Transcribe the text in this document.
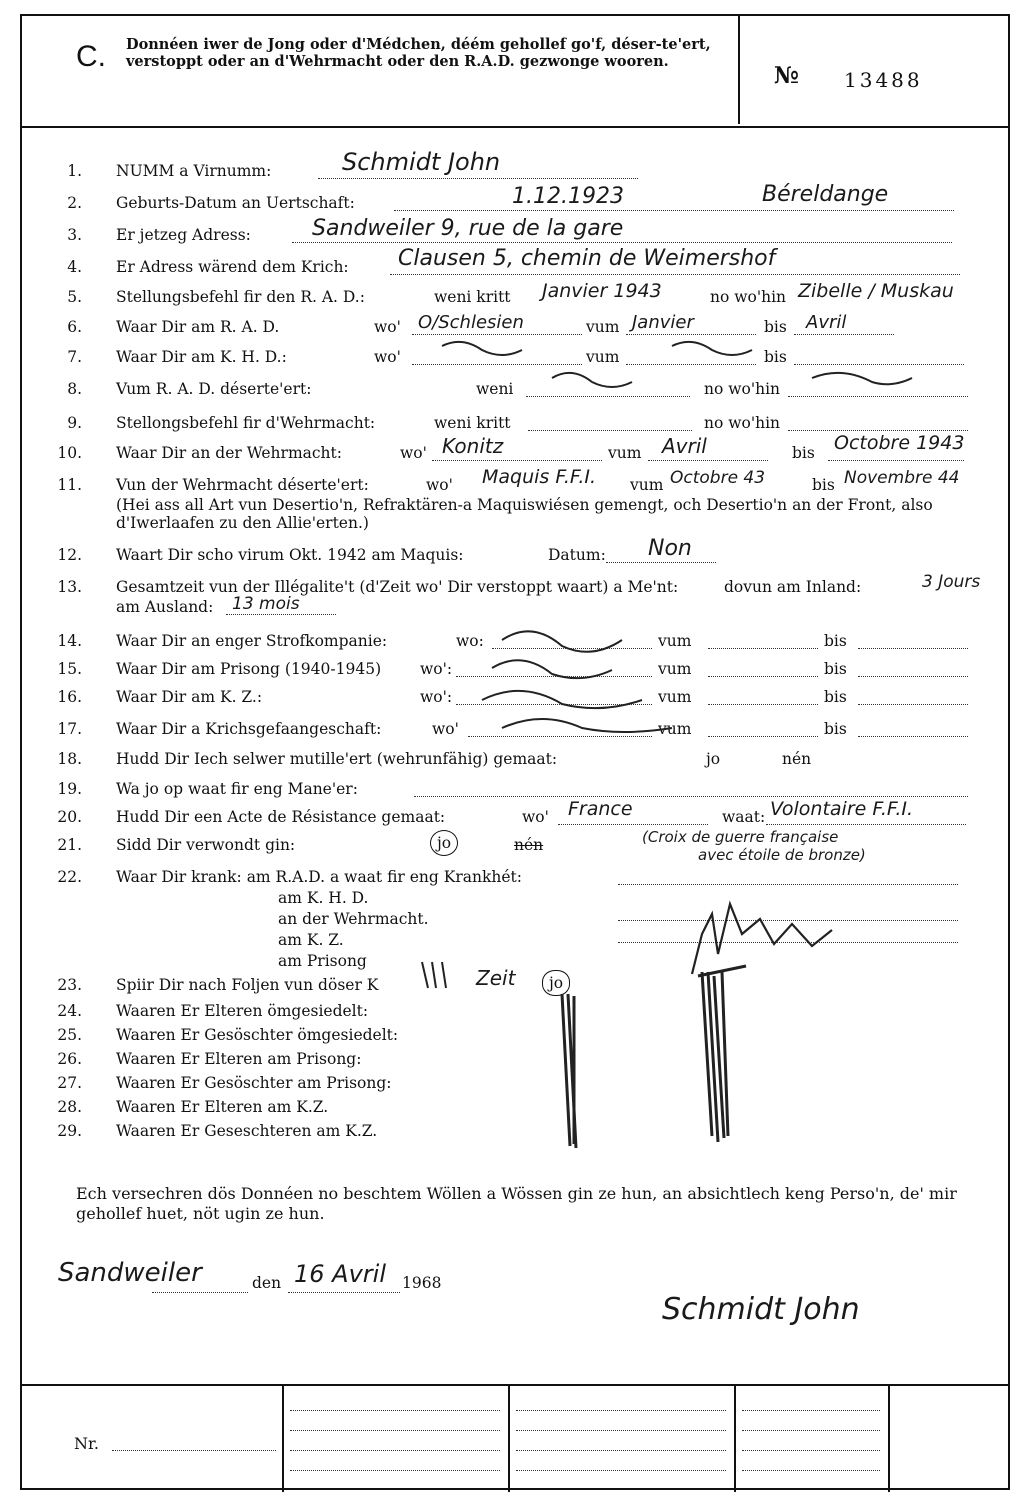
C. Donnéen iwer de Jong oder d'Médchen, déém gehollef go'f, déser-te'ert, verstoppt oder an d'Wehrmacht oder den R.A.D. gezwonge wooren.
№ 13488
1. NUMM a Virnumm:	Schmidt John
2. Geburts-Datum an Uertschaft:	1.12.1923	Béreldange
3. Er jetzeg Adress:	Sandweiler 9, rue de la gare
4. Er Adress wärend dem Krich: Clausen 5, chemin de Weimershof
5. Stellungsbefehl fir den R. A. D.:	weni kritt Janvier 1943	no wo'hin Zibelle / Muskau
6. Waar Dir am R. A. D.	wo' O/Schlesien	vum Janvier	bis Avril
7. Waar Dir am K. H. D.:	wo'	vum	bis
8. Vum R. A. D. déserte'ert:	weni	no wo'hin
9. Stellongsbefehl fir d'Wehrmacht:	weni kritt	no wo'hin
10. Waar Dir an der Wehrmacht:	wo' Konitz	vum Avril	bis Octobre 1943
11. Vun der Wehrmacht déserte'ert:	wo' Maquis F.F.I. vum Octobre 43	bis Novembre 44
(Hei ass all Art vun Desertio'n, Refraktären-a Maquiswiésen gemengt, och Desertio'n an der Front, also d'Iwerlaafen zu den Allie'erten.)
12. Waart Dir scho virum Okt. 1942 am Maquis:	Datum: Non
13. Gesamtzeit vun der Illégalite't (d'Zeit wo' Dir verstoppt waart) a Me'nt:	dovun am Inland:	3 Jours
am Ausland: 13 mois
14. Waar Dir an enger Strofkompanie:	wo:	vum	bis
15. Waar Dir am Prisong (1940-1945)	wo':	vum	bis
16. Waar Dir am K. Z.:	wo':	vum	bis
17. Waar Dir a Krichsgefaangeschaft:	wo'	vum	bis
18. Hudd Dir Iech selwer mutille'ert (wehrunfähig) gemaat:	jo	nén
19. Wa jo op waat fir eng Mane'er:
20. Hudd Dir een Acte de Résistance gemaat:	wo' France	waat: Volontaire F.F.I.
21. Sidd Dir verwondt gin:	jo	nén	(Croix de guerre française
avec étoile de bronze)
22. Waar Dir krank: am R.A.D. a waat fir eng Krankhét:
am K. H. D.
an der Wehrmacht.
am K. Z.
am Prisong
23. Spiir Dir nach Foljen vun döser K	Zeit	jo
24. Waaren Er Elteren ömgesiedelt:
25. Waaren Er Gesöschter ömgesiedelt:
26. Waaren Er Elteren am Prisong:
27. Waaren Er Gesöschter am Prisong:
28. Waaren Er Elteren am K.Z.
29. Waaren Er Geseschteren am K.Z.
Ech versechren dös Donnéen no beschtem Wöllen a Wössen gin ze hun, an absichtlech keng Perso'n, de' mir gehollef huet, nöt ugin ze hun.
Sandweiler	den 16 Avril 1968
Schmidt John
Nr.
